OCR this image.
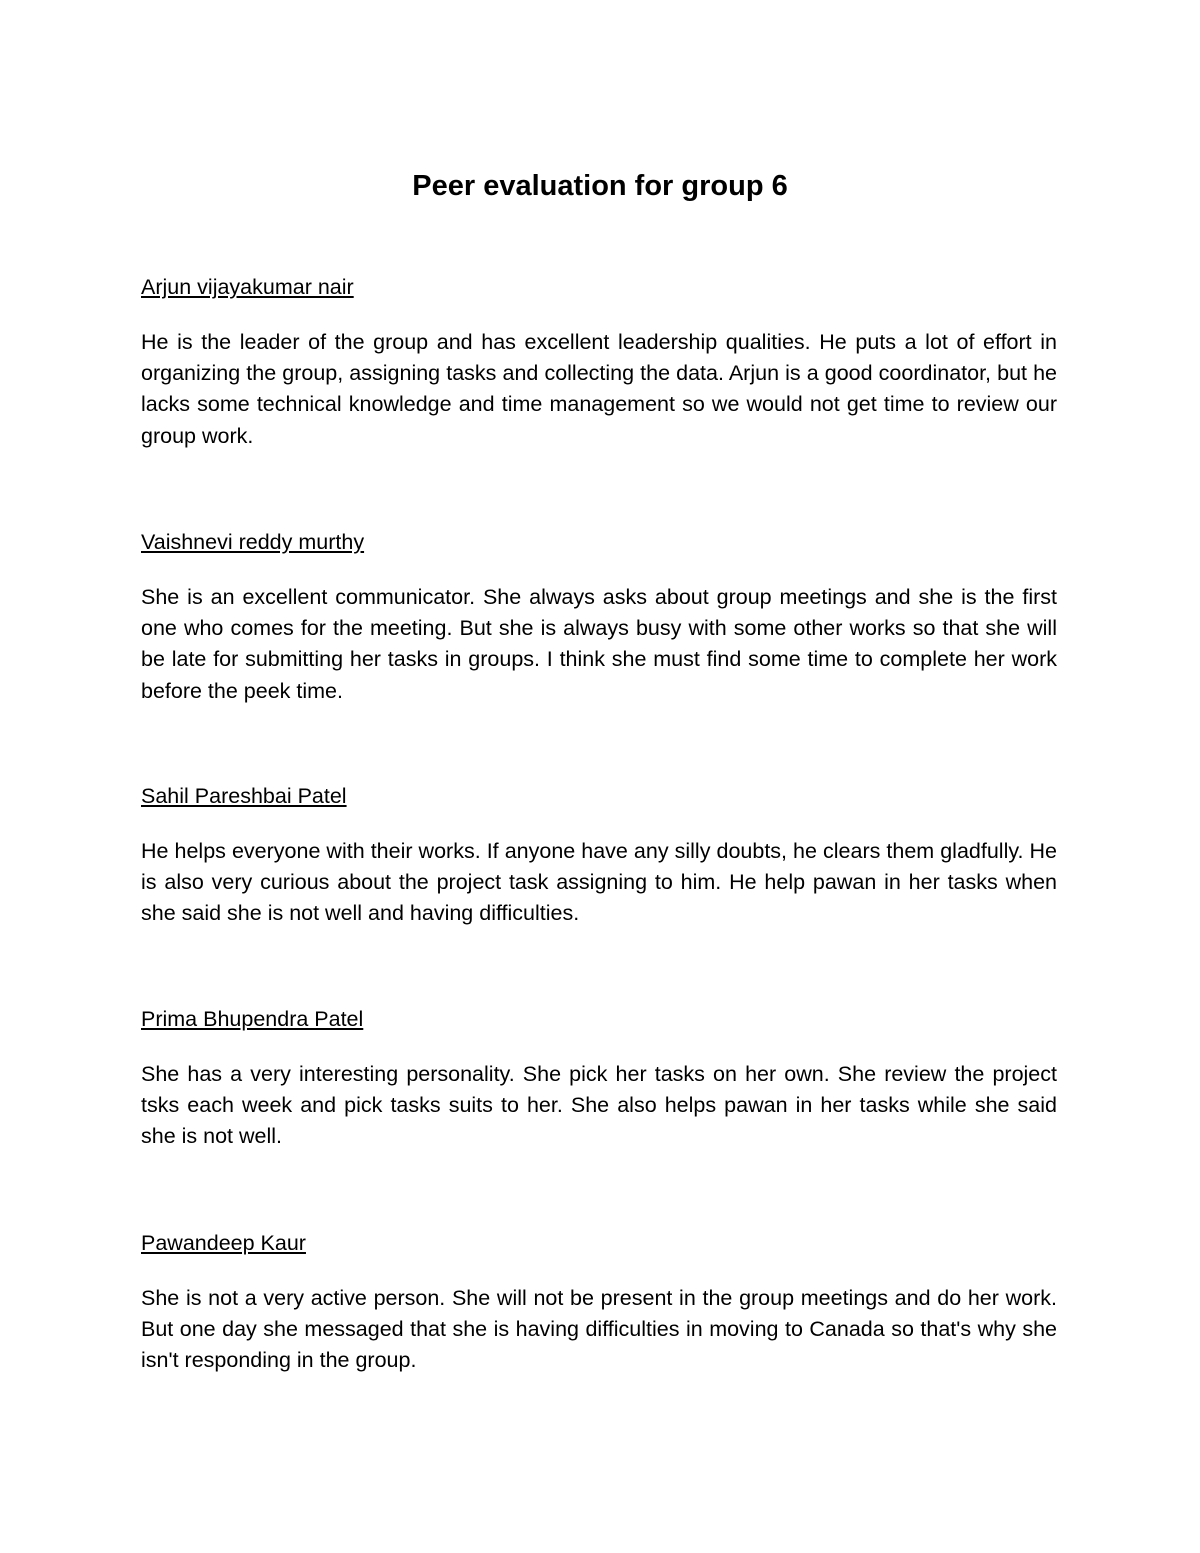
Peer evaluation for group 6
Arjun vijayakumar nair

He is the leader of the group and has excellent leadership qualities. He puts a lot of effort in organizing the group, assigning tasks and collecting the data. Arjun is a good coordinator, but he lacks some technical knowledge and time management so we would not get time to review our group work.

Vaishnevi reddy murthy

She is an excellent communicator. She always asks about group meetings and she is the first one who comes for the meeting. But she is always busy with some other works so that she will be late for submitting her tasks in groups. I think she must find some time to complete her work before the peek time.

Sahil Pareshbai Patel

He helps everyone with their works. If anyone have any silly doubts, he clears them gladfully. He is also very curious about the project task assigning to him. He help pawan in her tasks when she said she is not well and having difficulties.

Prima Bhupendra Patel

She has a very interesting personality. She pick her tasks on her own. She review the project tsks each week and pick tasks suits to her. She also helps pawan in her tasks while she said she is not well.

Pawandeep Kaur

She is not a very active person. She will not be present in the group meetings and do her work. But one day she messaged that she is having difficulties in moving to Canada so that's why she isn't responding in the group.
